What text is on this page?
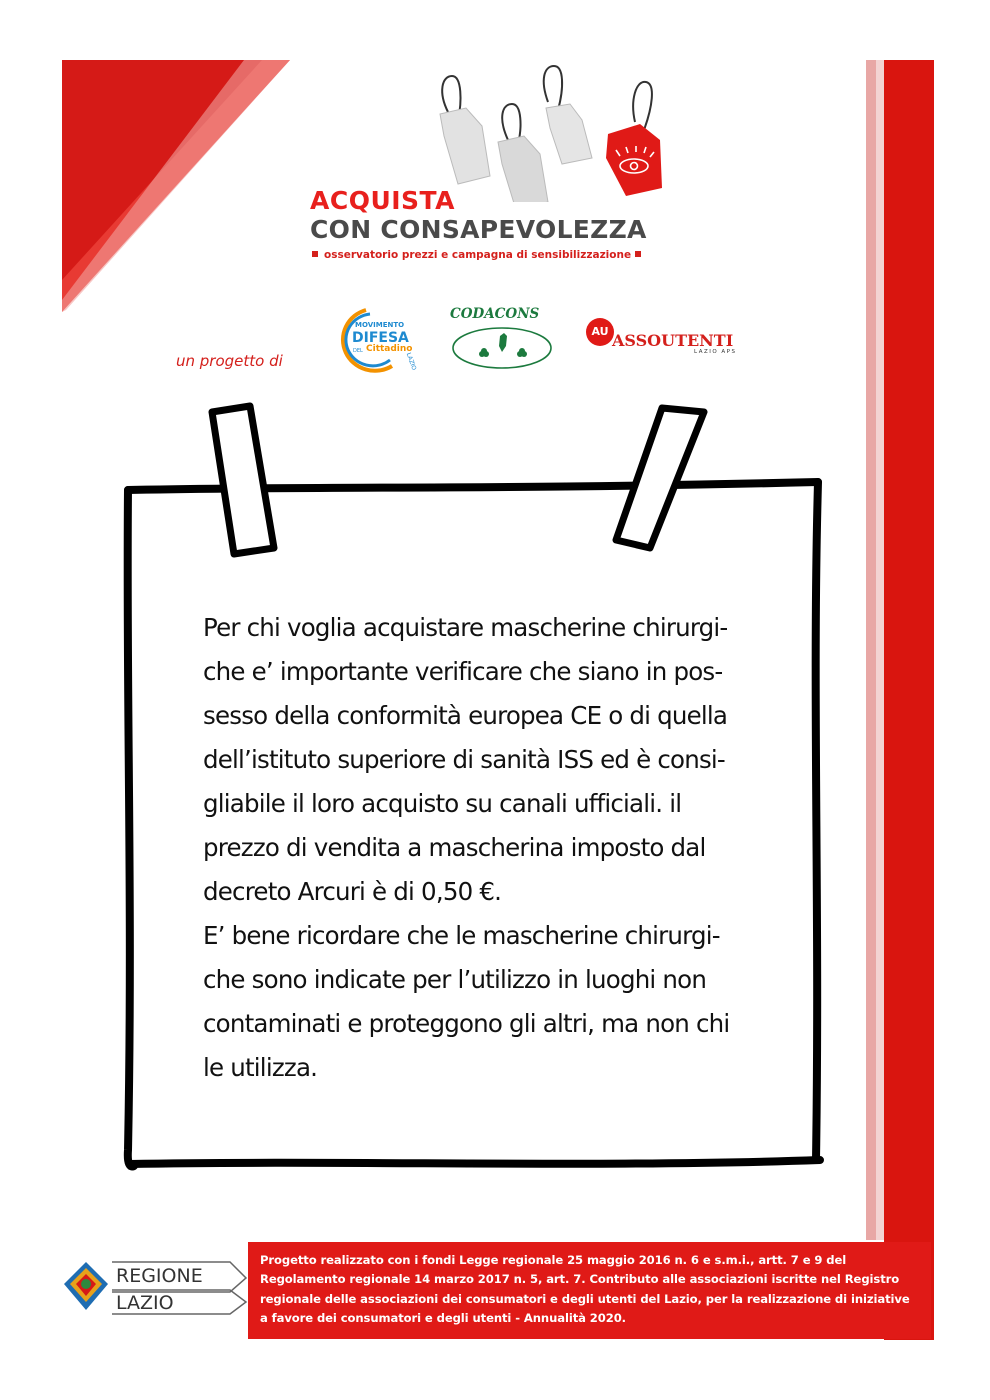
ACQUISTA
CON CONSAPEVOLEZZA
osservatorio prezzi e campagna di sensibilizzazione
un progetto di
MOVIMENTO
DIFESA
DEL Cittadino
LAZIO
CODACONS
AU ASSOUTENTI
LAZIO APS
Per chi voglia acquistare mascherine chirurgi-
che e’ importante verificare che siano in pos-
sesso della conformità europea CE o di quella
dell’istituto superiore di sanità ISS ed è consi-
gliabile il loro acquisto su canali ufficiali. il
prezzo di vendita a mascherina imposto dal
decreto Arcuri è di 0,50 €.
E’ bene ricordare che le mascherine chirurgi-
che sono indicate per l’utilizzo in luoghi non
contaminati e proteggono gli altri, ma non chi
le utilizza.
REGIONE
LAZIO
Progetto realizzato con i fondi Legge regionale 25 maggio 2016 n. 6 e s.m.i., artt. 7 e 9 del
Regolamento regionale 14 marzo 2017 n. 5, art. 7. Contributo alle associazioni iscritte nel Registro
regionale delle associazioni dei consumatori e degli utenti del Lazio, per la realizzazione di iniziative
a favore dei consumatori e degli utenti - Annualità 2020.
